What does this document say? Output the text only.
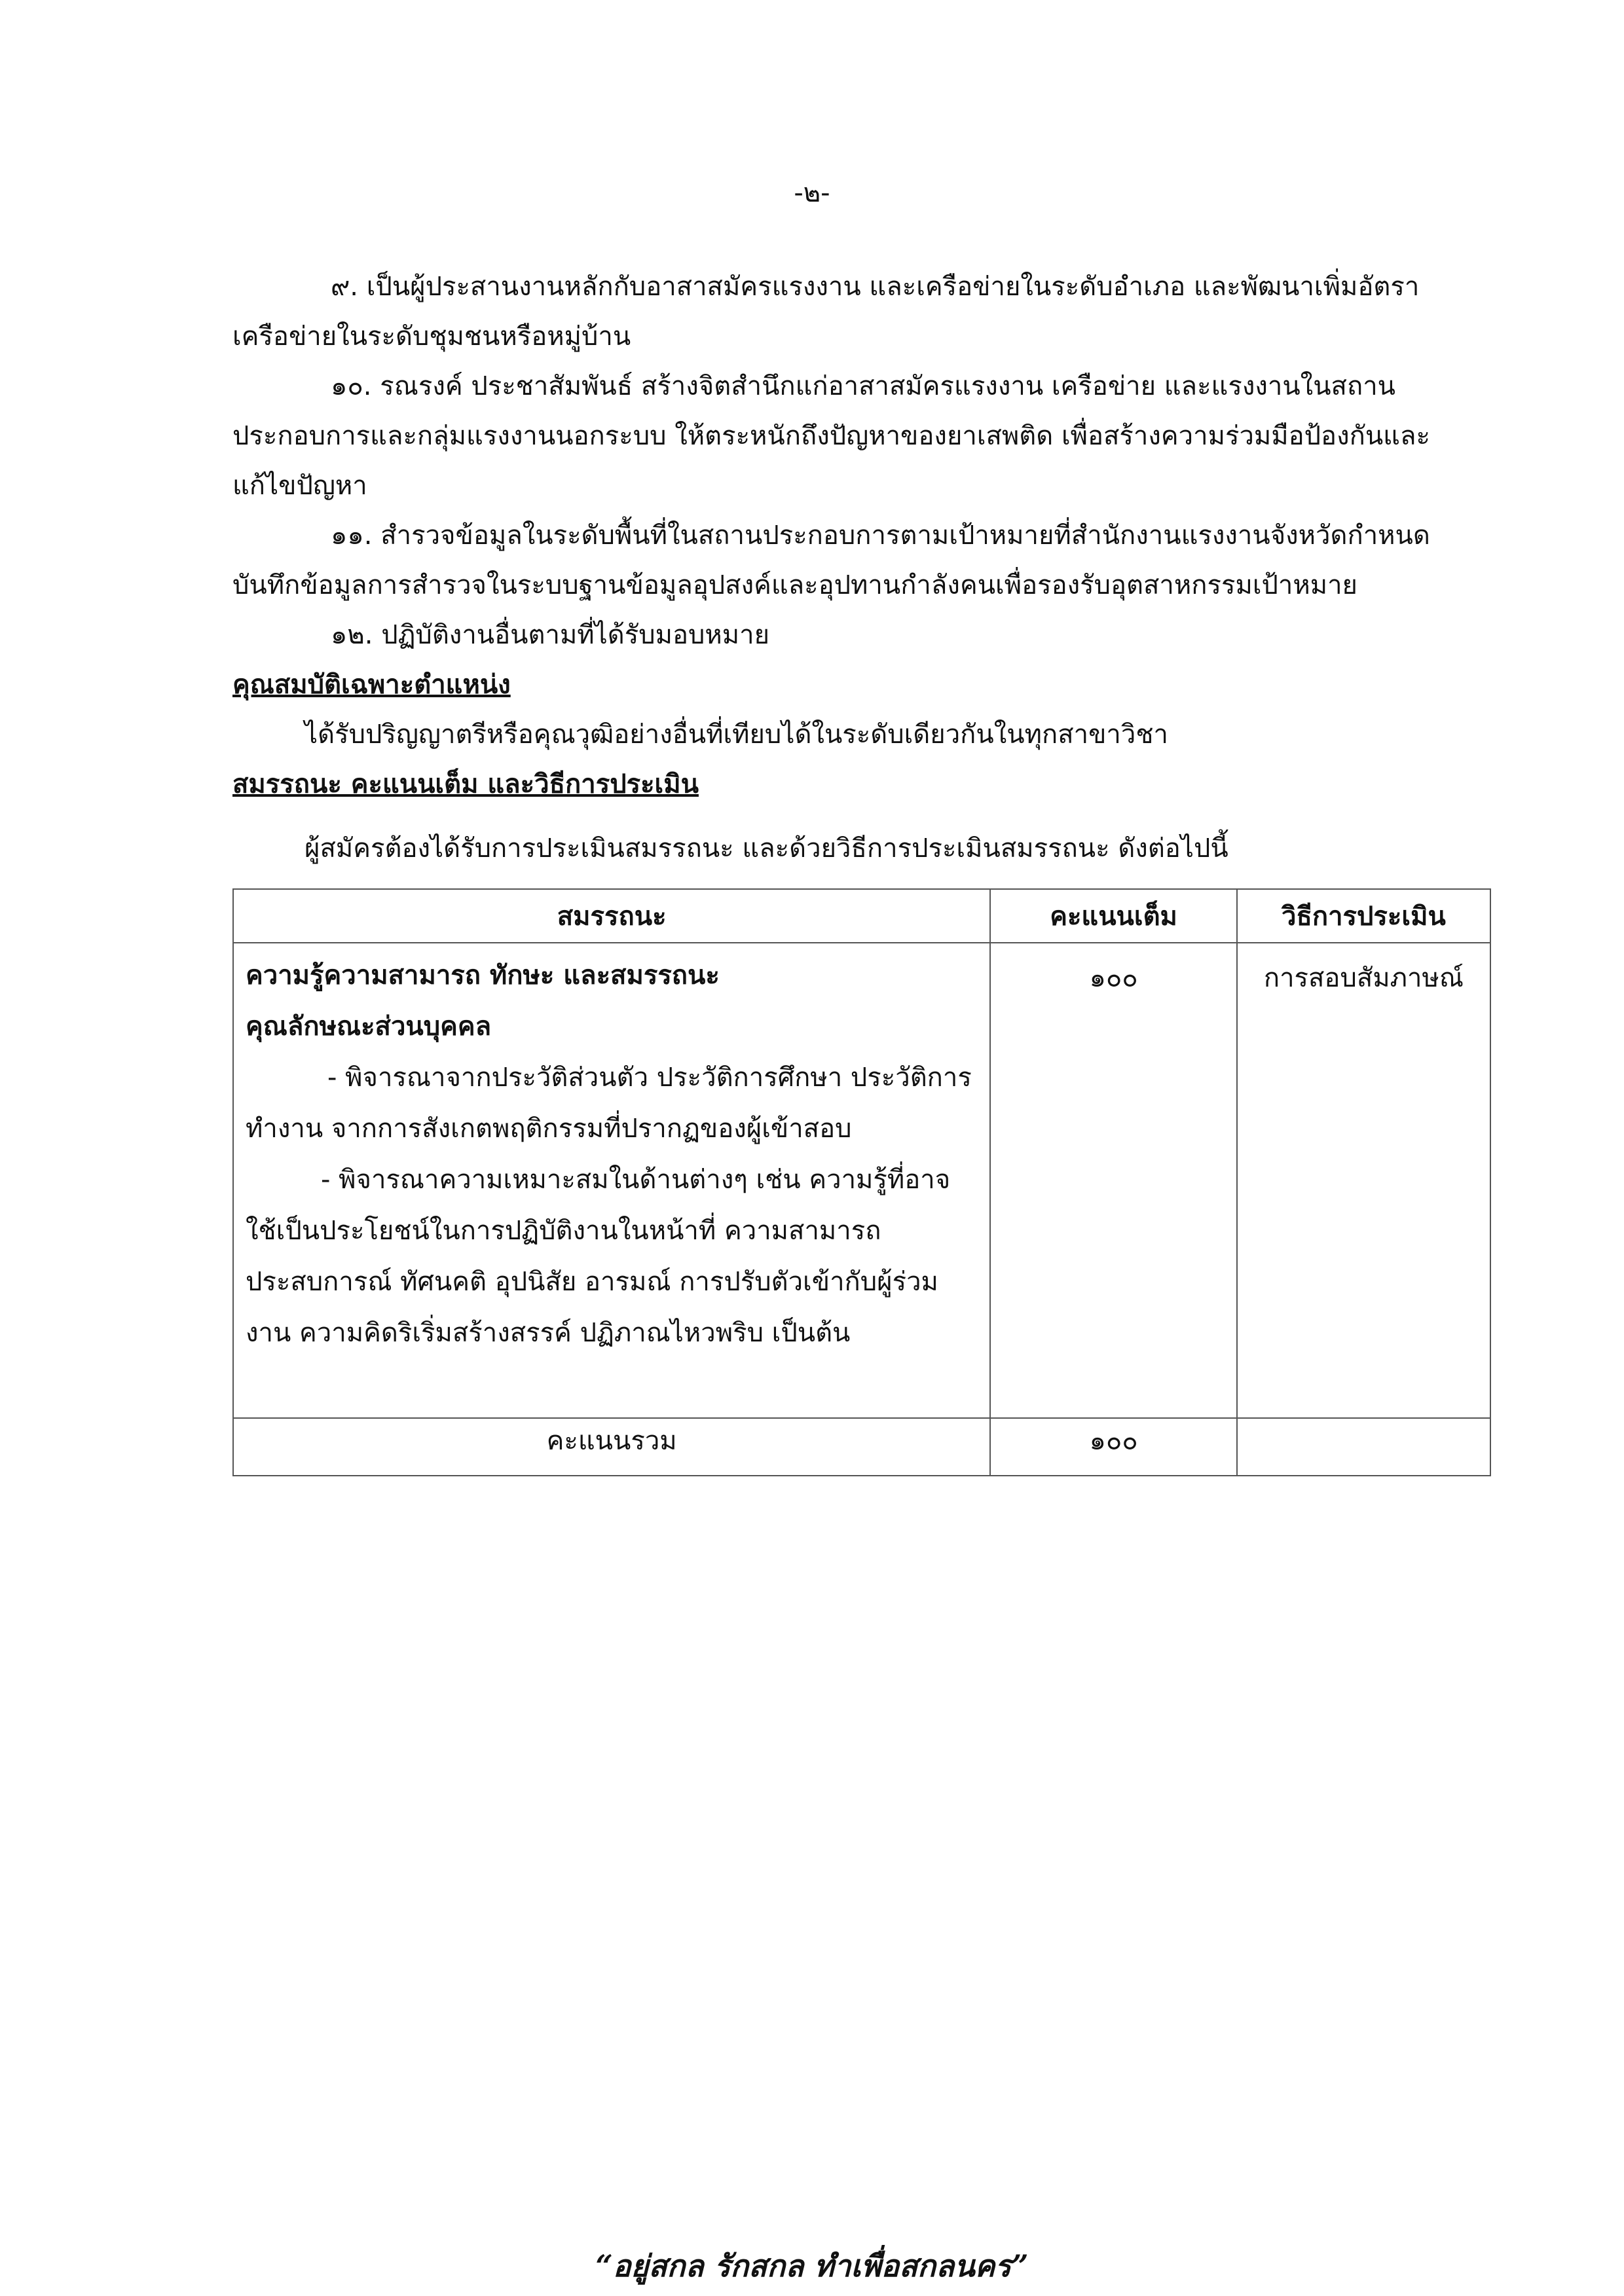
-๒-

๙. เป็นผู้ประสานงานหลักกับอาสาสมัครแรงงาน และเครือข่ายในระดับอำเภอ และพัฒนาเพิ่มอัตราเครือข่ายในระดับชุมชนหรือหมู่บ้าน

๑๐. รณรงค์ ประชาสัมพันธ์ สร้างจิตสำนึกแก่อาสาสมัครแรงงาน เครือข่าย และแรงงานในสถานประกอบการและกลุ่มแรงงานนอกระบบ ให้ตระหนักถึงปัญหาของยาเสพติด เพื่อสร้างความร่วมมือป้องกันและแก้ไขปัญหา

๑๑. สำรวจข้อมูลในระดับพื้นที่ในสถานประกอบการตามเป้าหมายที่สำนักงานแรงงานจังหวัดกำหนด บันทึกข้อมูลการสำรวจในระบบฐานข้อมูลอุปสงค์และอุปทานกำลังคนเพื่อรองรับอุตสาหกรรมเป้าหมาย

๑๒. ปฏิบัติงานอื่นตามที่ได้รับมอบหมาย

คุณสมบัติเฉพาะตำแหน่ง

ได้รับปริญญาตรีหรือคุณวุฒิอย่างอื่นที่เทียบได้ในระดับเดียวกันในทุกสาขาวิชา

สมรรถนะ คะแนนเต็ม และวิธีการประเมิน

ผู้สมัครต้องได้รับการประเมินสมรรถนะ และด้วยวิธีการประเมินสมรรถนะ ดังต่อไปนี้

สมรรถนะ	คะแนนเต็ม	วิธีการประเมิน

ความรู้ความสามารถ ทักษะ และสมรรถนะ

คุณลักษณะส่วนบุคคล

- พิจารณาจากประวัติส่วนตัว ประวัติการศึกษา ประวัติการทำงาน จากการสังเกตพฤติกรรมที่ปรากฏของผู้เข้าสอบ

- พิจารณาความเหมาะสมในด้านต่างๆ เช่น ความรู้ที่อาจใช้เป็นประโยชน์ในการปฏิบัติงานในหน้าที่ ความสามารถ ประสบการณ์ ทัศนคติ อุปนิสัย อารมณ์ การปรับตัวเข้ากับผู้ร่วมงาน ความคิดริเริ่มสร้างสรรค์ ปฏิภาณไหวพริบ เป็นต้น	๑๐๐	การสอบสัมภาษณ์
คะแนนรวม	๑๐๐	
“อยู่สกล รักสกล ทำเพื่อสกลนคร”
